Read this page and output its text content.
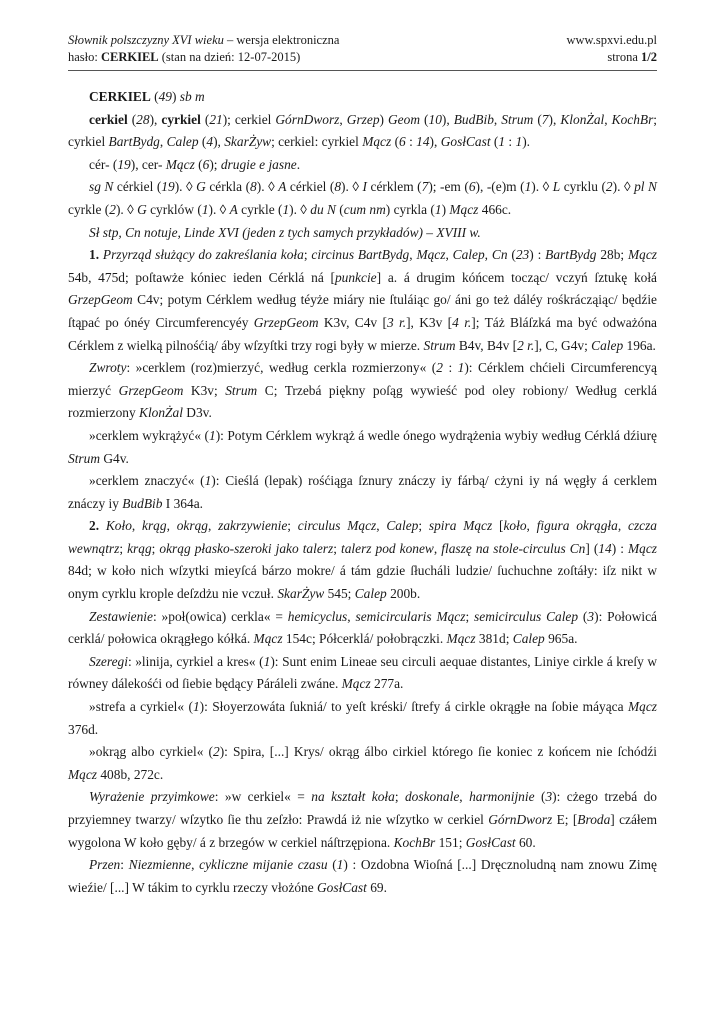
Słownik polszczyzny XVI wieku – wersja elektroniczna	www.spxvi.edu.pl
hasło: CERKIEL (stan na dzień: 12-07-2015)	strona 1/2

CERKIEL (49) sb m

cerkiel (28), cyrkiel (21); cerkiel GórnDworz, Grzep) Geom (10), BudBib, Strum (7), KlonŻal, KochBr; cyrkiel BartBydg, Calep (4), SkarŻyw; cerkiel: cyrkiel Mącz (6 : 14), GosłCast (1 : 1).

cér- (19), cer- Mącz (6); drugie e jasne.

sg N cérkiel (19). ◊ G cérkla (8). ◊ A cérkiel (8). ◊ I cérklem (7); -em (6), -(e)m (1). ◊ L cyrklu (2). ◊ pl N cyrkle (2). ◊ G cyrklów (1). ◊ A cyrkle (1). ◊ du N (cum nm) cyrkla (1) Mącz 466c.

Sł stp, Cn notuje, Linde XVI (jeden z tych samych przykładów) – XVIII w.

1. Przyrząd służący do zakreślania koła; circinus BartBydg, Mącz, Calep, Cn (23) : BartBydg 28b; Mącz 54b, 475d; poſtawże kóniec ieden Cérklá ná [punkcie] a. á drugim kóńcem tocząc/ vczyń ſztukę kołá GrzepGeom C4v; potym Cérklem według téyże miáry nie ſtuláiąc go/ áni go też dáléy rośkrácząiąc/ będźie ſtąpać po ónéy Circumferencyéy GrzepGeom K3v, C4v [3 r.], K3v [4 r.]; Táż Bláſzká ma być odważóna Cérklem z wielką pilnośćią/ áby wſzyſtki trzy rogi były w mierze. Strum B4v, B4v [2 r.], C, G4v; Calep 196a.

Zwroty: »cerklem (roz)mierzyć, według cerkla rozmierzony« (2 : 1): Cérklem chćieli Circumferencyą mierzyć GrzepGeom K3v; Strum C; Trzebá piękny poſąg wywieść pod oley robiony/ Według cerklá rozmierzony KlonŻal D3v.

»cerklem wykrążyć« (1): Potym Cérklem wykrąż á wedle ónego wydrążenia wybiy według Cérklá dźiurę Strum G4v.

»cerklem znaczyć« (1): Cieślá (lepak) rośćiąga ſznury znáczy iy fárbą/ cżyni iy ná węgły á cerklem znáczy iy BudBib I 364a.

2. Koło, krąg, okrąg, zakrzywienie; circulus Mącz, Calep; spira Mącz [koło, figura okrągła, czcza wewnątrz; krąg; okrąg płasko-szeroki jako talerz; talerz pod konew, flaszę na stole-circulus Cn] (14) : Mącz 84d; w koło nich wſzytki mieyſcá bárzo mokre/ á tám gdzie ſłucháli ludzie/ ſuchuchne zoſtáły: iſz nikt w onym cyrklu krople deſzdżu nie vczuł. SkarŻyw 545; Calep 200b.

Zestawienie: »poł(owica) cerkla« = hemicyclus, semicircularis Mącz; semicirculus Calep (3): Połowicá cerklá/ połowica okrągłego kółká. Mącz 154c; Półcerklá/ połobrączki. Mącz 381d; Calep 965a.

Szeregi: »linija, cyrkiel a kres« (1): Sunt enim Lineae seu circuli aequae distantes, Liniye cirkle á kreſy w równey dálekośći od ſiebie będący Páráleli zwáne. Mącz 277a.

»strefa a cyrkiel« (1): Słoyerzowáta ſukniá/ to yeſt kréski/ ſtrefy á cirkle okrągłe na ſobie máyąca Mącz 376d.

»okrąg albo cyrkiel« (2): Spira, [...] Krys/ okrąg álbo cirkiel którego ſie koniec z końcem nie ſchódźi Mącz 408b, 272c.

Wyrażenie przyimkowe: »w cerkiel« = na kształt koła; doskonale, harmonijnie (3): cżego trzebá do przyiemney twarzy/ wſzytko ſie thu zeſzło: Prawdá iż nie wſzytko w cerkiel GórnDworz E; [Broda] czáłem wygolona W koło gęby/ á z brzegów w cerkiel náſtrzępiona. KochBr 151; GosłCast 60.

Przen: Niezmienne, cykliczne mijanie czasu (1) : Ozdobna Wioſná [...] Dręcznoludną nam znowu Zimę wieźie/ [...] W tákim to cyrklu rzeczy vłożóne GosłCast 69.
